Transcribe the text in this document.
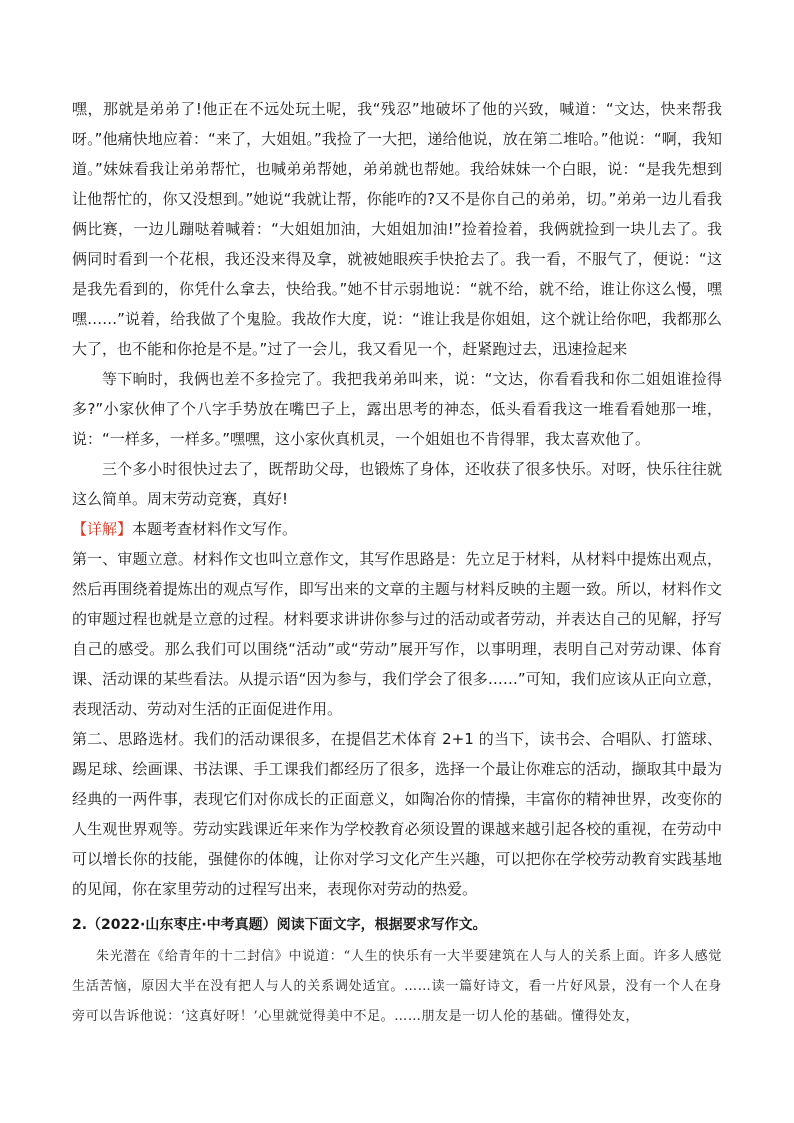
嘿，那就是弟弟了!他正在不远处玩土呢，我“残忍”地破坏了他的兴致，喊道：“文达，快来帮我呀。”他痛快地应着：“来了，大姐姐。”我捡了一大把，递给他说，放在第二堆哈。”他说：“啊，我知道。”妹妹看我让弟弟帮忙，也喊弟弟帮她，弟弟就也帮她。我给妹妹一个白眼，说：“是我先想到让他帮忙的，你又没想到。”她说“我就让帮，你能咋的?又不是你自己的弟弟，切。”弟弟一边儿看我俩比赛，一边儿蹦哒着喊着：“大姐姐加油，大姐姐加油!”捡着捡着，我俩就捡到一块儿去了。我俩同时看到一个花根，我还没来得及拿，就被她眼疾手快抢去了。我一看，不服气了，便说：“这是我先看到的，你凭什么拿去，快给我。”她不甘示弱地说：“就不给，就不给，谁让你这么慢，嘿嘿……”说着，给我做了个鬼脸。我故作大度，说：“谁让我是你姐姐，这个就让给你吧，我都那么大了，也不能和你抢是不是。”过了一会儿，我又看见一个，赶紧跑过去，迅速捡起来

等下晌时，我俩也差不多捡完了。我把我弟弟叫来，说：“文达，你看看我和你二姐姐谁捡得多?”小家伙伸了个八字手势放在嘴巴子上，露出思考的神态，低头看看我这一堆看看她那一堆，说：“一样多，一样多。”嘿嘿，这小家伙真机灵，一个姐姐也不肯得罪，我太喜欢他了。

三个多小时很快过去了，既帮助父母，也锻炼了身体，还收获了很多快乐。对呀，快乐往往就这么简单。周末劳动竞赛，真好!

【详解】本题考查材料作文写作。

第一、审题立意。材料作文也叫立意作文，其写作思路是：先立足于材料，从材料中提炼出观点，然后再围绕着提炼出的观点写作，即写出来的文章的主题与材料反映的主题一致。所以，材料作文的审题过程也就是立意的过程。材料要求讲讲你参与过的活动或者劳动，并表达自己的见解，抒写自己的感受。那么我们可以围绕“活动”或“劳动”展开写作，以事明理，表明自己对劳动课、体育课、活动课的某些看法。从提示语“因为参与，我们学会了很多……”可知，我们应该从正向立意，表现活动、劳动对生活的正面促进作用。

第二、思路选材。我们的活动课很多，在提倡艺术体育 2+1 的当下，读书会、合唱队、打篮球、踢足球、绘画课、书法课、手工课我们都经历了很多，选择一个最让你难忘的活动，撷取其中最为经典的一两件事，表现它们对你成长的正面意义，如陶冶你的情操，丰富你的精神世界，改变你的人生观世界观等。劳动实践课近年来作为学校教育必须设置的课越来越引起各校的重视，在劳动中可以增长你的技能，强健你的体魄，让你对学习文化产生兴趣，可以把你在学校劳动教育实践基地的见闻，你在家里劳动的过程写出来，表现你对劳动的热爱。

2.（2022·山东枣庄·中考真题）阅读下面文字，根据要求写作文。

朱光潜在《给青年的十二封信》中说道：“人生的快乐有一大半要建筑在人与人的关系上面。许多人感觉生活苦恼，原因大半在没有把人与人的关系调处适宜。……读一篇好诗文，看一片好风景，没有一个人在身旁可以告诉他说：‘这真好呀！’心里就觉得美中不足。……朋友是一切人伦的基础。懂得处友，
